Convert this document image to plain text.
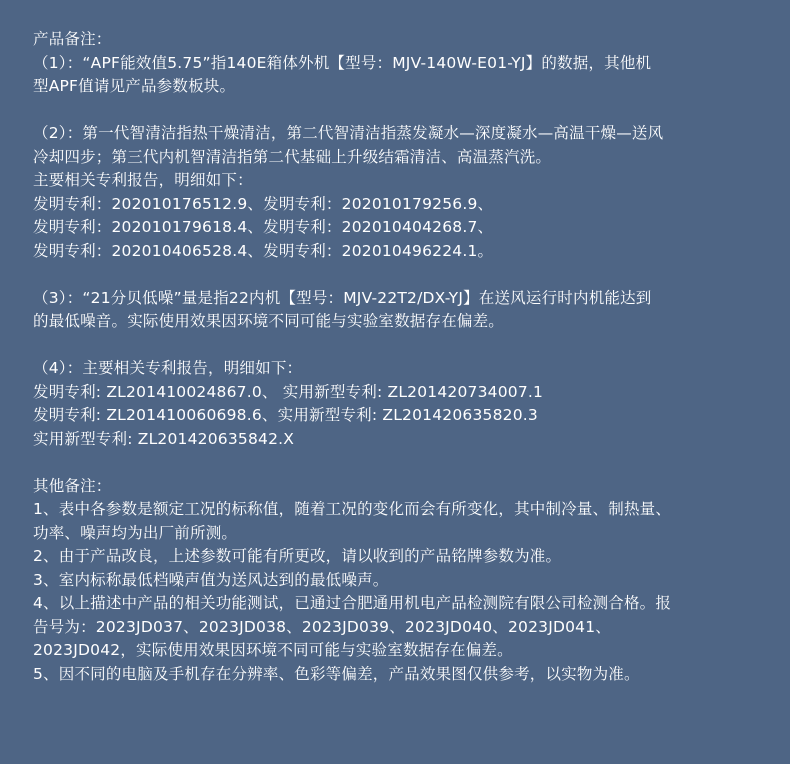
产品备注：
（1）：“APF能效值5.75”指140E箱体外机【型号：MJV-140W-E01-YJ】的数据，其他机
型APF值请见产品参数板块。
（2）：第一代智清洁指热干燥清洁，第二代智清洁指蒸发凝水—深度凝水—高温干燥—送风
冷却四步；第三代内机智清洁指第二代基础上升级结霜清洁、高温蒸汽洗。
主要相关专利报告，明细如下：
发明专利：202010176512.9、发明专利：202010179256.9、
发明专利：202010179618.4、发明专利：202010404268.7、
发明专利：202010406528.4、发明专利：202010496224.1。
（3）：“21分贝低噪”量是指22内机【型号：MJV-22T2/DX-YJ】在送风运行时内机能达到
的最低噪音。实际使用效果因环境不同可能与实验室数据存在偏差。
（4）：主要相关专利报告，明细如下：
发明专利: ZL201410024867.0、 实用新型专利: ZL201420734007.1
发明专利: ZL201410060698.6、实用新型专利: ZL201420635820.3
实用新型专利: ZL201420635842.X
其他备注：
1、表中各参数是额定工况的标称值，随着工况的变化而会有所变化，其中制冷量、制热量、
功率、噪声均为出厂前所测。
2、由于产品改良，上述参数可能有所更改，请以收到的产品铭牌参数为准。
3、室内标称最低档噪声值为送风达到的最低噪声。
4、以上描述中产品的相关功能测试，已通过合肥通用机电产品检测院有限公司检测合格。报
告号为：2023JD037、2023JD038、2023JD039、2023JD040、2023JD041、
2023JD042，实际使用效果因环境不同可能与实验室数据存在偏差。
5、因不同的电脑及手机存在分辨率、色彩等偏差，产品效果图仅供参考，以实物为准。
